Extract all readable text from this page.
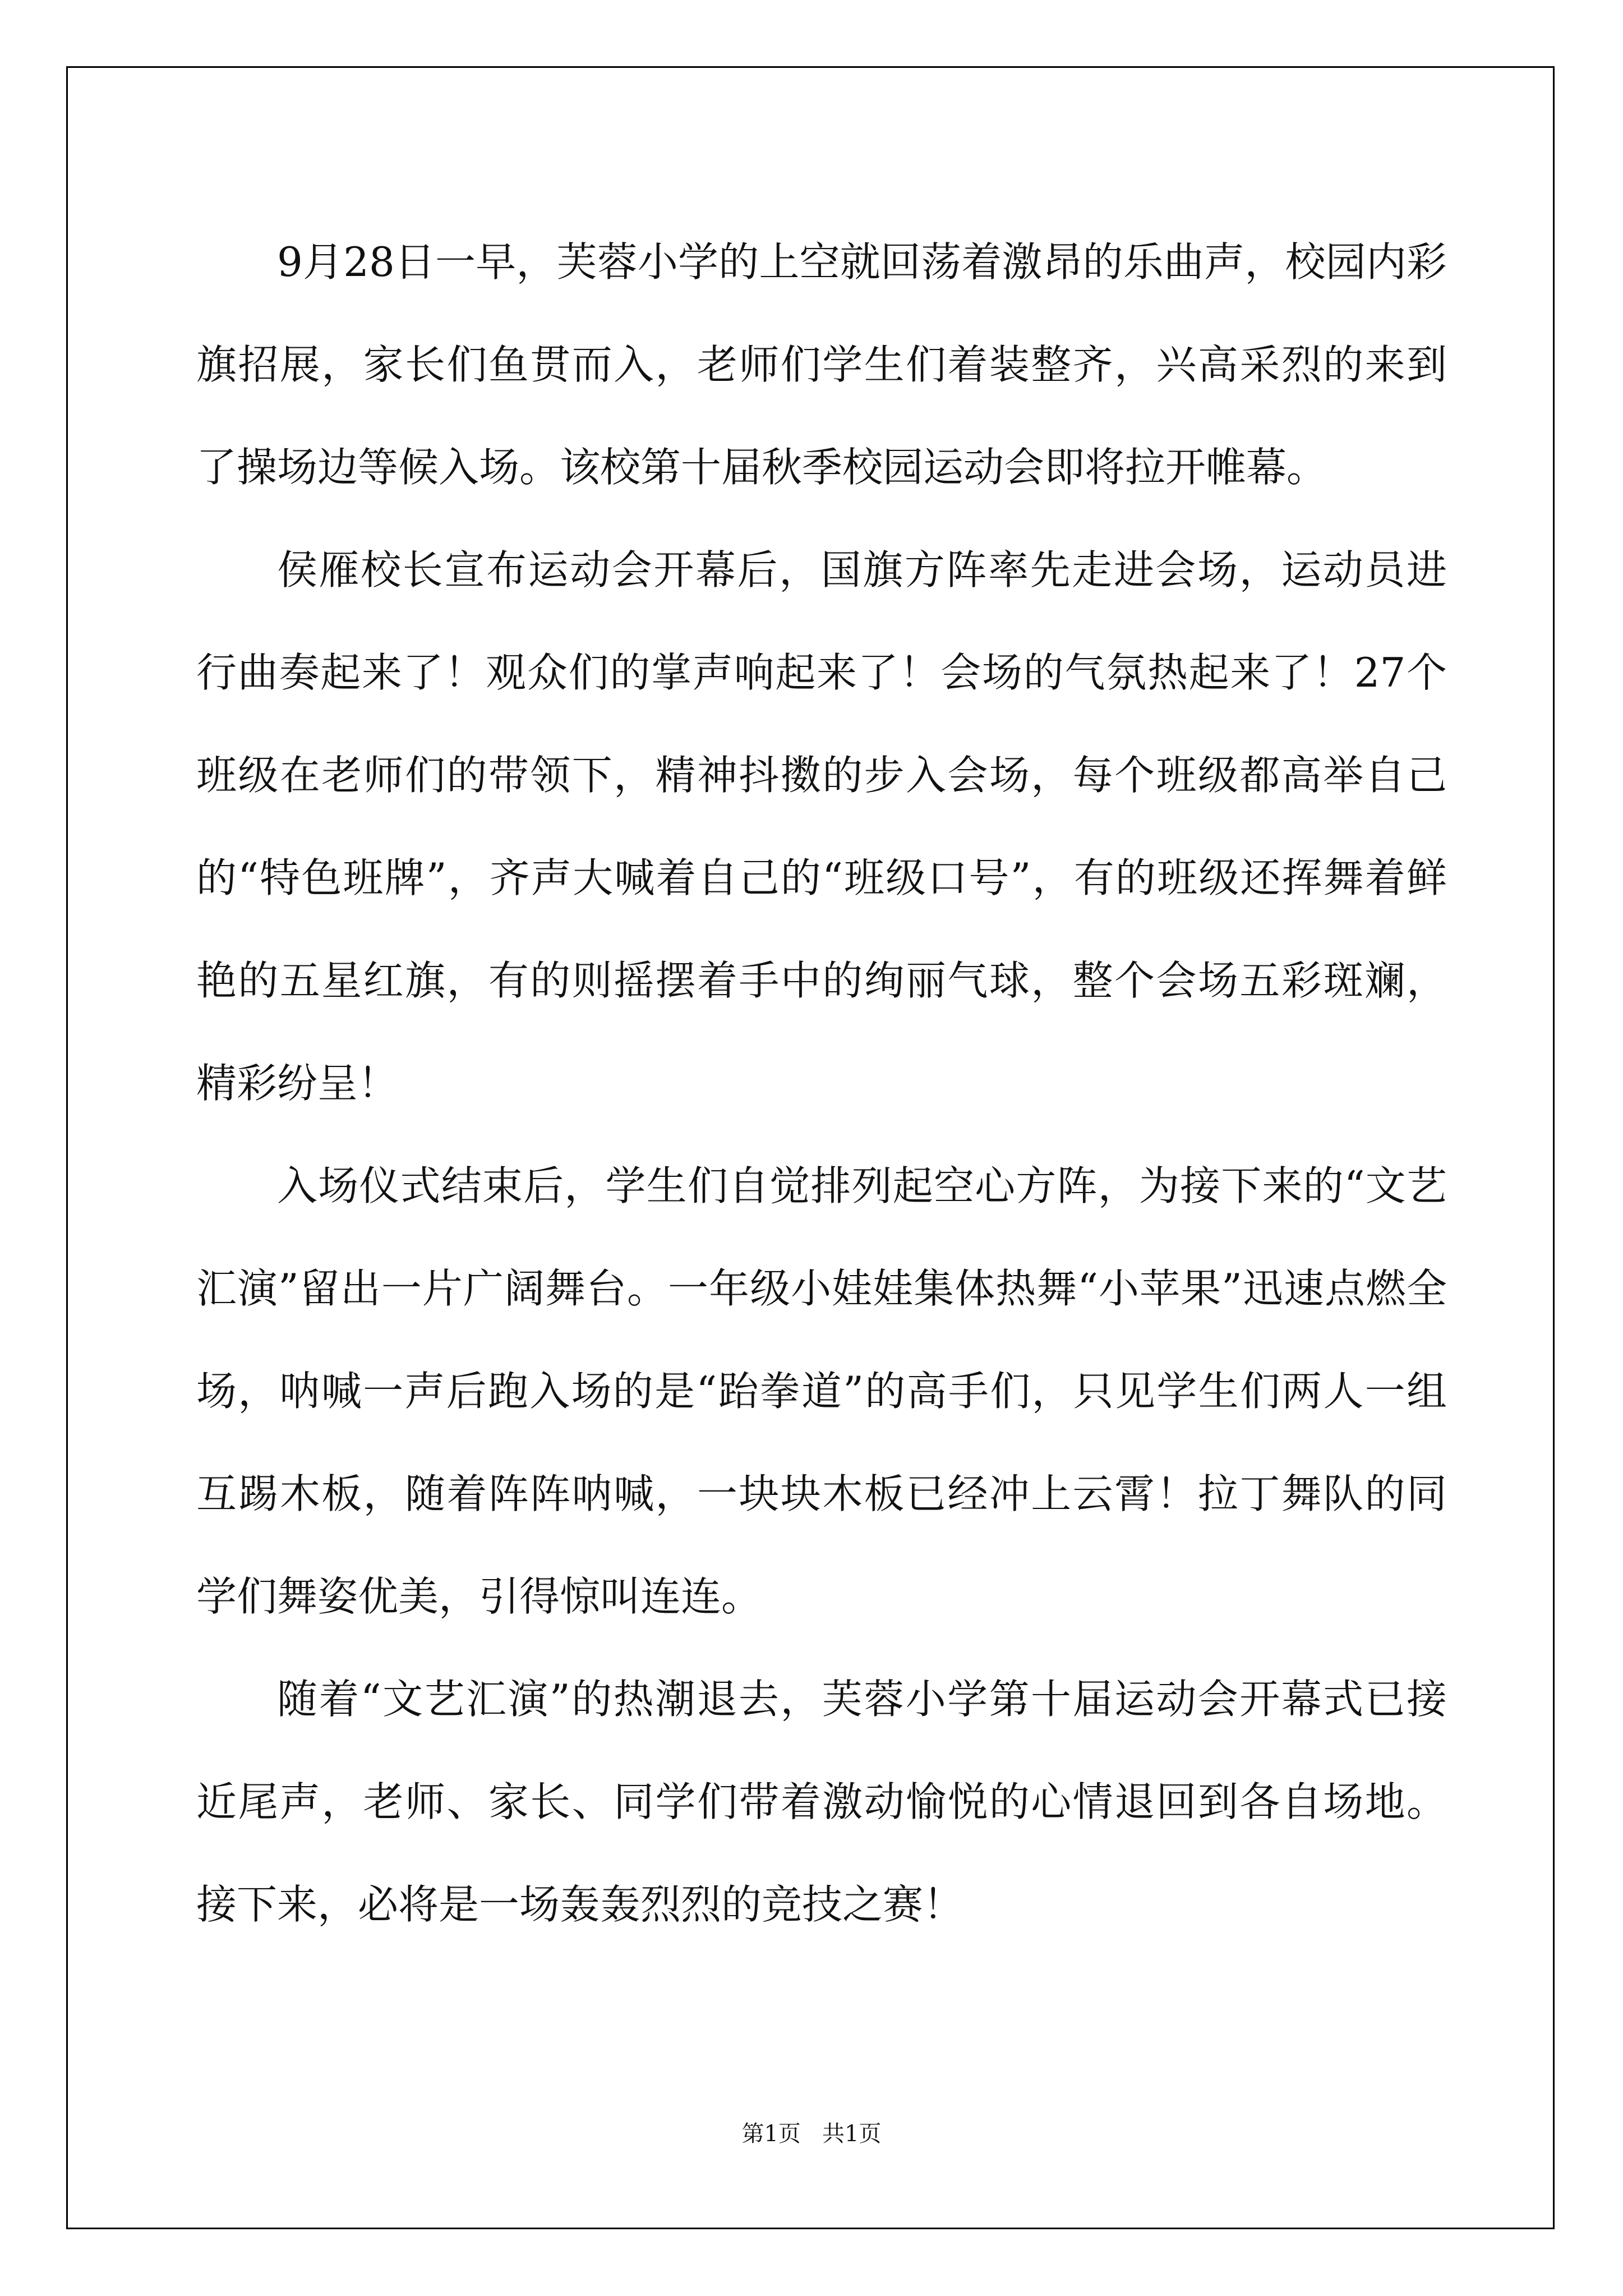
9月28日一早，芙蓉小学的上空就回荡着激昂的乐曲声，校园内彩旗招展，家长们鱼贯而入，老师们学生们着装整齐，兴高采烈的来到了操场边等候入场。该校第十届秋季校园运动会即将拉开帷幕。

侯雁校长宣布运动会开幕后，国旗方阵率先走进会场，运动员进行曲奏起来了！观众们的掌声响起来了！会场的气氛热起来了！27个班级在老师们的带领下，精神抖擞的步入会场，每个班级都高举自己的“特色班牌”，齐声大喊着自己的“班级口号”，有的班级还挥舞着鲜艳的五星红旗，有的则摇摆着手中的绚丽气球，整个会场五彩斑斓，精彩纷呈！

入场仪式结束后，学生们自觉排列起空心方阵，为接下来的“文艺汇演”留出一片广阔舞台。一年级小娃娃集体热舞“小苹果”迅速点燃全场，呐喊一声后跑入场的是“跆拳道”的高手们，只见学生们两人一组互踢木板，随着阵阵呐喊，一块块木板已经冲上云霄！拉丁舞队的同学们舞姿优美，引得惊叫连连。

随着“文艺汇演”的热潮退去，芙蓉小学第十届运动会开幕式已接近尾声，老师、家长、同学们带着激动愉悦的心情退回到各自场地。接下来，必将是一场轰轰烈烈的竞技之赛！

第1页   共1页
